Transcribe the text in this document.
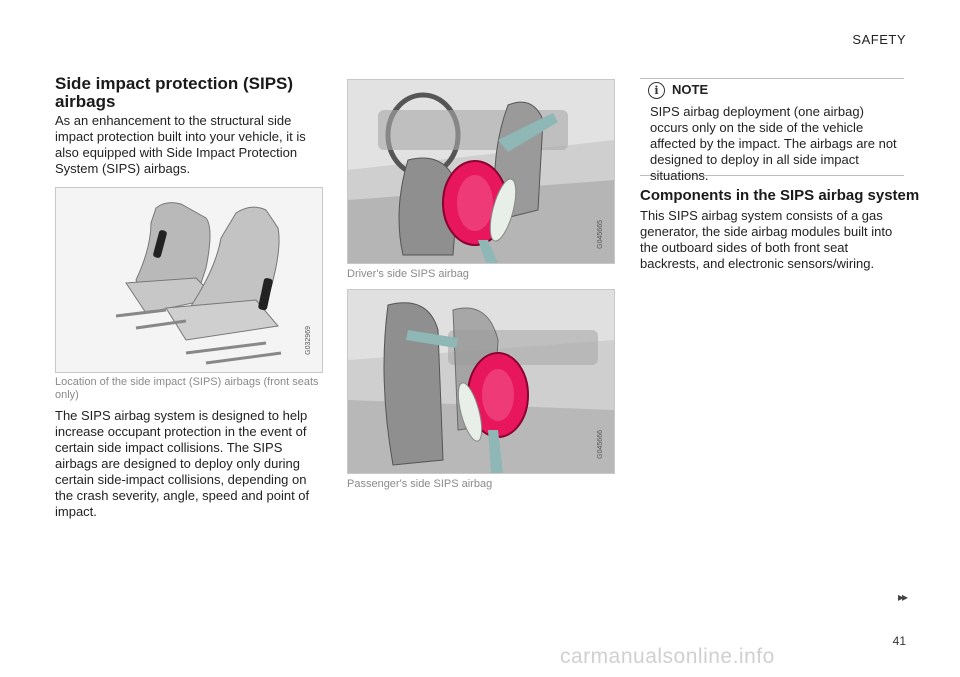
SAFETY
Side impact protection (SIPS) airbags
As an enhancement to the structural side impact protection built into your vehicle, it is also equipped with Side Impact Protection System (SIPS) airbags.
G032969
Location of the side impact (SIPS) airbags (front seats only)
The SIPS airbag system is designed to help increase occupant protection in the event of certain side impact collisions. The SIPS airbags are designed to deploy only during certain side-impact collisions, depending on the crash severity, angle, speed and point of impact.
G045665
Driver's side SIPS airbag
G045666
Passenger's side SIPS airbag
i	NOTE
SIPS airbag deployment (one airbag) occurs only on the side of the vehicle affected by the impact. The airbags are not designed to deploy in all side impact situations.
Components in the SIPS airbag system
This SIPS airbag system consists of a gas generator, the side airbag modules built into the outboard sides of both front seat backrests, and electronic sensors/wiring.
▸▸
41
carmanualsonline.info
